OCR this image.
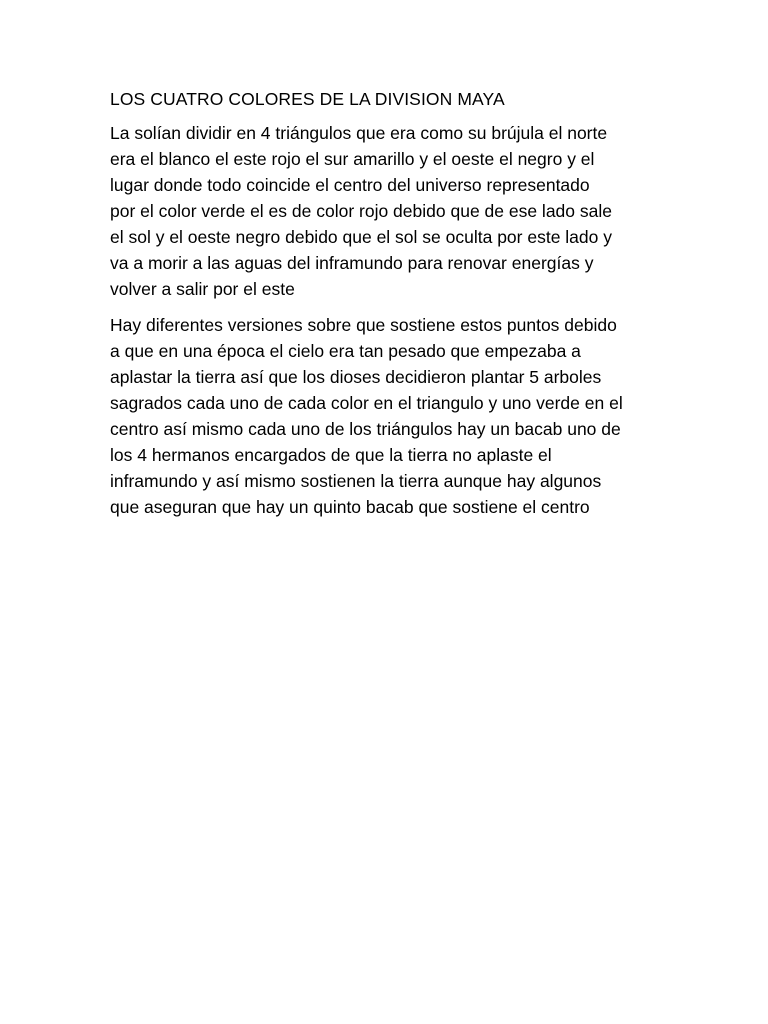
LOS CUATRO COLORES DE LA DIVISION MAYA

La solían dividir en 4 triángulos que era como su brújula el norte
era el blanco el este rojo el sur amarillo y el oeste el negro y el
lugar donde todo coincide el centro del universo representado
por el color verde el es de color rojo debido que de ese lado sale
el sol y el oeste negro debido que el sol se oculta por este lado y
va a morir a las aguas del inframundo para renovar energías y
volver a salir por el este

Hay diferentes versiones sobre que sostiene estos puntos debido
a que en una época el cielo era tan pesado que empezaba a
aplastar la tierra así que los dioses decidieron plantar 5 arboles
sagrados cada uno de cada color en el triangulo y uno verde en el
centro así mismo cada uno de los triángulos hay un bacab uno de
los 4 hermanos encargados de que la tierra no aplaste el
inframundo y así mismo sostienen la tierra aunque hay algunos
que aseguran que hay un quinto bacab que sostiene el centro
